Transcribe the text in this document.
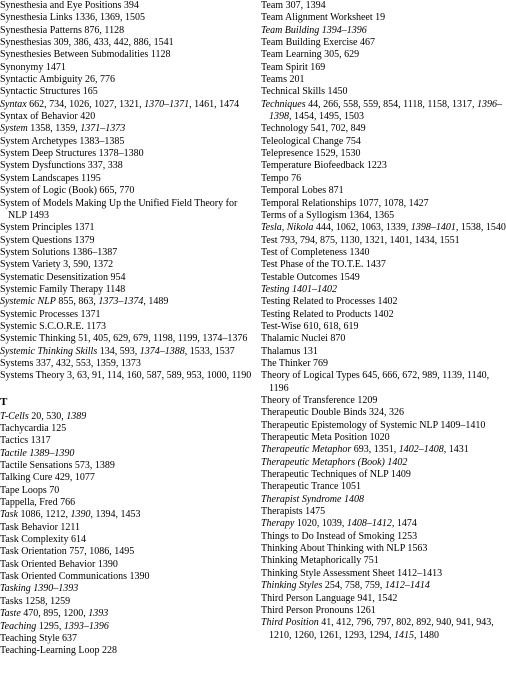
Synesthesia and Eye Positions 394
Synesthesia Links 1336, 1369, 1505
Synesthesia Patterns 876, 1128
Synesthesias 309, 386, 433, 442, 886, 1541
Synesthesies Between Submodalities 1128
Synonymy 1471
Syntactic Ambiguity 26, 776
Syntactic Structures 165
Syntax 662, 734, 1026, 1027, 1321, 1370–1371, 1461, 1474
Syntax of Behavior 420
System 1358, 1359, 1371–1373
System Archetypes 1383–1385
System Deep Structures 1378–1380
System Dysfunctions 337, 338
System Landscapes 1195
System of Logic (Book) 665, 770
System of Models Making Up the Unified Field Theory for NLP 1493
System Principles 1371
System Questions 1379
System Solutions 1386–1387
System Variety 3, 590, 1372
Systematic Desensitization 954
Systemic Family Therapy 1148
Systemic NLP 855, 863, 1373–1374, 1489
Systemic Processes 1371
Systemic S.C.O.R.E. 1173
Systemic Thinking 51, 405, 629, 679, 1198, 1199, 1374–1376
Systemic Thinking Skills 134, 593, 1374–1388, 1533, 1537
Systems 337, 432, 553, 1359, 1373
Systems Theory 3, 63, 91, 114, 160, 587, 589, 953, 1000, 1190
T
T-Cells 20, 530, 1389
Tachycardia 125
Tactics 1317
Tactile 1389–1390
Tactile Sensations 573, 1389
Talking Cure 429, 1077
Tape Loops 70
Tappella, Fred 766
Task 1086, 1212, 1390, 1394, 1453
Task Behavior 1211
Task Complexity 614
Task Orientation 757, 1086, 1495
Task Oriented Behavior 1390
Task Oriented Communications 1390
Tasking 1390–1393
Tasks 1258, 1259
Taste 470, 895, 1200, 1393
Teaching 1295, 1393–1396
Teaching Style 637
Teaching-Learning Loop 228
Team 307, 1394
Team Alignment Worksheet 19
Team Building 1394–1396
Team Building Exercise 467
Team Learning 305, 629
Team Spirit 169
Teams 201
Technical Skills 1450
Techniques 44, 266, 558, 559, 854, 1118, 1158, 1317, 1396–1398, 1454, 1495, 1503
Technology 541, 702, 849
Teleological Change 754
Telepresence 1529, 1530
Temperature Biofeedback 1223
Tempo 76
Temporal Lobes 871
Temporal Relationships 1077, 1078, 1427
Terms of a Syllogism 1364, 1365
Tesla, Nikola 444, 1062, 1063, 1339, 1398–1401, 1538, 1540
Test 793, 794, 875, 1130, 1321, 1401, 1434, 1551
Test of Completeness 1340
Test Phase of the TO.T.E. 1437
Testable Outcomes 1549
Testing 1401–1402
Testing Related to Processes 1402
Testing Related to Products 1402
Test-Wise 610, 618, 619
Thalamic Nuclei 870
Thalamus 131
The Thinker 769
Theory of Logical Types 645, 666, 672, 989, 1139, 1140, 1196
Theory of Transference 1209
Therapeutic Double Binds 324, 326
Therapeutic Epistemology of Systemic NLP 1409–1410
Therapeutic Meta Position 1020
Therapeutic Metaphor 693, 1351, 1402–1408, 1431
Therapeutic Metaphors (Book) 1402
Therapeutic Techniques of NLP 1409
Therapeutic Trance 1051
Therapist Syndrome 1408
Therapists 1475
Therapy 1020, 1039, 1408–1412, 1474
Things to Do Instead of Smoking 1253
Thinking About Thinking with NLP 1563
Thinking Metaphorically 751
Thinking Style Assessment Sheet 1412–1413
Thinking Styles 254, 758, 759, 1412–1414
Third Person Language 941, 1542
Third Person Pronouns 1261
Third Position 41, 412, 796, 797, 802, 892, 940, 941, 943, 1210, 1260, 1261, 1293, 1294, 1415, 1480
